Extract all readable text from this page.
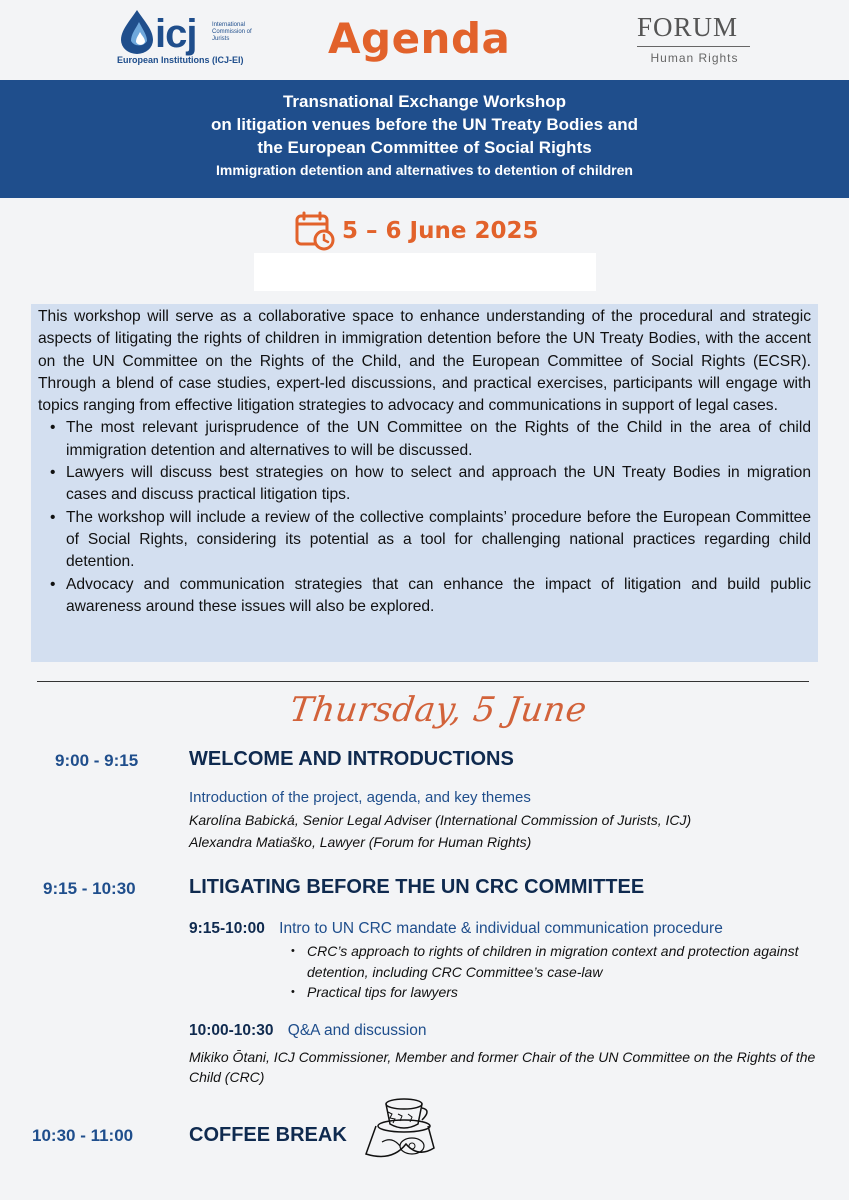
icj	International Commission of Jurists
European Institutions (ICJ-EI) Agenda	FORUM
Human Rights
Transnational Exchange Workshop
on litigation venues before the UN Treaty Bodies and
the European Committee of Social Rights
Immigration detention and alternatives to detention of children
5 – 6 June 2025

This workshop will serve as a collaborative space to enhance understanding of the procedural and strategic aspects of litigating the rights of children in immigration detention before the UN Treaty Bodies, with the accent on the UN Committee on the Rights of the Child, and the European Committee of Social Rights (ECSR). Through a blend of case studies, expert-led discussions, and practical exercises, participants will engage with topics ranging from effective litigation strategies to advocacy and communications in support of legal cases.

• The most relevant jurisprudence of the UN Committee on the Rights of the Child in the area of child immigration detention and alternatives to will be discussed.
• Lawyers will discuss best strategies on how to select and approach the UN Treaty Bodies in migration cases and discuss practical litigation tips.
• The workshop will include a review of the collective complaints’ procedure before the European Committee of Social Rights, considering its potential as a tool for challenging national practices regarding child detention.
• Advocacy and communication strategies that can enhance the impact of litigation and build public awareness around these issues will also be explored.
Thursday, 5 June
9:00 - 9:15	WELCOME AND INTRODUCTIONS
Introduction of the project, agenda, and key themes
Karolína Babická, Senior Legal Adviser (International Commission of Jurists, ICJ)
Alexandra Matiaško, Lawyer (Forum for Human Rights)
9:15 - 10:30	LITIGATING BEFORE THE UN CRC COMMITTEE
9:15-10:00 Intro to UN CRC mandate & individual communication procedure
• CRC’s approach to rights of children in migration context and protection against detention, including CRC Committee’s case-law
• Practical tips for lawyers
10:00-10:30 Q&A and discussion
Mikiko Ōtani, ICJ Commissioner, Member and former Chair of the UN Committee on the Rights of the Child (CRC)
10:30 - 11:00	COFFEE BREAK
